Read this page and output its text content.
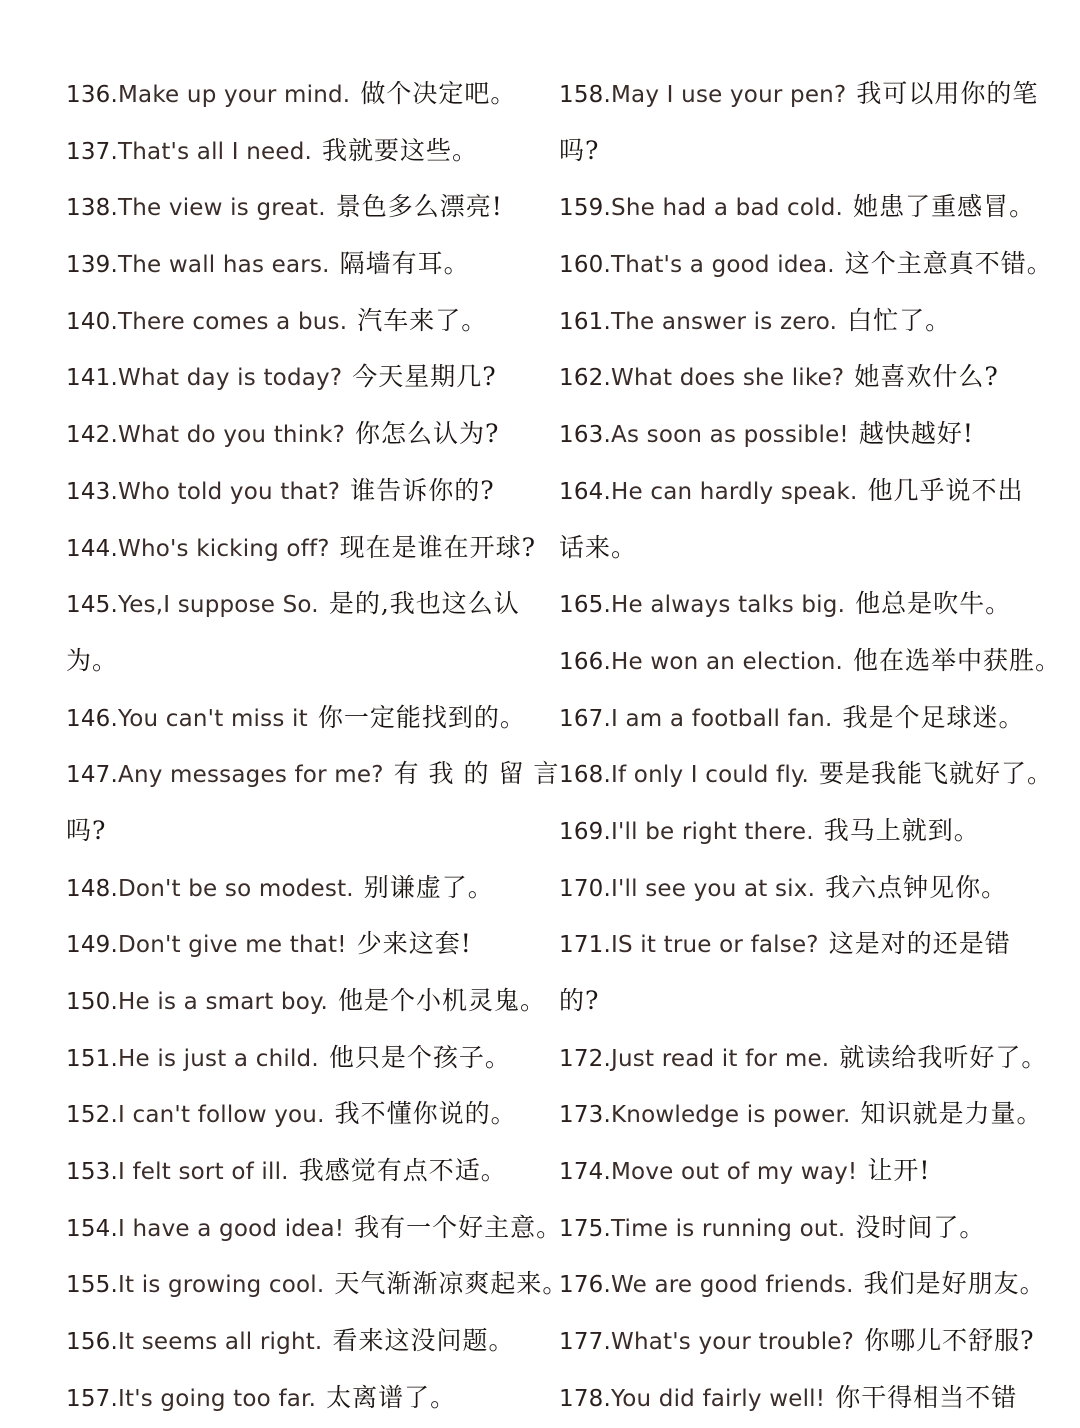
136.Make up your mind. 做个决定吧。
137.That's all I need. 我就要这些。
138.The view is great. 景色多么漂亮!
139.The wall has ears. 隔墙有耳。
140.There comes a bus. 汽车来了。
141.What day is today? 今天星期几?
142.What do you think? 你怎么认为?
143.Who told you that? 谁告诉你的?
144.Who's kicking off? 现在是谁在开球?
145.Yes,I suppose So. 是的,我也这么认
为。
146.You can't miss it 你一定能找到的。
147.Any messages for me? 有 我 的 留 言
吗?
148.Don't be so modest. 别谦虚了。
149.Don't give me that! 少来这套!
150.He is a smart boy. 他是个小机灵鬼。
151.He is just a child. 他只是个孩子。
152.I can't follow you. 我不懂你说的。
153.I felt sort of ill. 我感觉有点不适。
154.I have a good idea! 我有一个好主意。
155.It is growing cool. 天气渐渐凉爽起来。
156.It seems all right. 看来这没问题。
157.It's going too far. 太离谱了。
158.May I use your pen? 我可以用你的笔
吗?
159.She had a bad cold. 她患了重感冒。
160.That's a good idea. 这个主意真不错。
161.The answer is zero. 白忙了。
162.What does she like? 她喜欢什么?
163.As soon as possible! 越快越好!
164.He can hardly speak. 他几乎说不出
话来。
165.He always talks big. 他总是吹牛。
166.He won an election. 他在选举中获胜。
167.I am a football fan. 我是个足球迷。
168.If only I could fly. 要是我能飞就好了。
169.I'll be right there. 我马上就到。
170.I'll see you at six. 我六点钟见你。
171.IS it true or false? 这是对的还是错
的?
172.Just read it for me. 就读给我听好了。
173.Knowledge is power. 知识就是力量。
174.Move out of my way! 让开!
175.Time is running out. 没时间了。
176.We are good friends. 我们是好朋友。
177.What's your trouble? 你哪儿不舒服?
178.You did fairly well! 你干得相当不错
